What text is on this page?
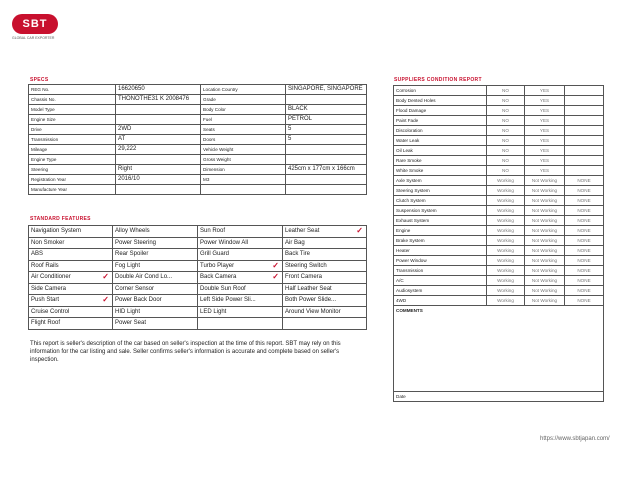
SBT
GLOBAL CAR EXPORTER
SPECS
REG No.	16620650	Location Country	SINGAPORE, SINGAPORE
Chassis No.	THONOTHE31 K 2008476	Grade	
Model Type		Body Color	BLACK
Engine Size		Fuel	PETROL
Drive	2WD	Seats	5
Transmission	AT	Doors	5
Mileage	29,222	Vehicle Weight	
Engine Type		Gross Weight	
Steering	Right	Dimension	425cm x 177cm x 166cm
Registration Year	2016/10	M3	
Manufacture Year			
STANDARD FEATURES
Navigation System	Alloy Wheels	Sun Roof	Leather Seat ✓

Non Smoker	Power Steering	Power Window All	Air Bag
ABS	Rear Spoiler	Grill Guard	Back Tire
Roof Rails	Fog Light	Turbo Player ✓	Steering Switch
Air Conditioner ✓	Double Air Cond Lo...	Back Camera ✓	Front Camera
Side Camera	Corner Sensor	Double Sun Roof	Half Leather Seat
Push Start ✓	Power Back Door	Left Side Power Sli...	Both Power Slide...
Cruise Control	HID Light	LED Light	Around View Monitor
Flight Roof	Power Seat		
SUPPLIERS CONDITION REPORT
Corrosion	NO	YES	
Body Dented Holes	NO	YES	
Flood Damage	NO	YES	
Paint Fade	NO	YES	
Discoloration	NO	YES	
Water Leak	NO	YES	
Oil Leak	NO	YES	
Rare Smoke	NO	YES	
White Smoke	NO	YES	
Axle System	Working	Not Working	NONE
Steering System	Working	Not Working	NONE
Clutch System	Working	Not Working	NONE
Suspension System	Working	Not Working	NONE
Exhaust System	Working	Not Working	NONE
Engine	Working	Not Working	NONE
Brake System	Working	Not Working	NONE
Heater	Working	Not Working	NONE
Power Window	Working	Not Working	NONE
Transmission	Working	Not Working	NONE
A/C	Working	Not Working	NONE
Audiosystem	Working	Not Working	NONE
4WD	Working	Not Working	NONE
COMMENTS			
Date			
This report is seller's description of the car based on seller's inspection at the time of this report. SBT may rely on this information for the car listing and sale. Seller confirms seller's information is accurate and complete based on seller's inspection.
https://www.sbtjapan.com/
